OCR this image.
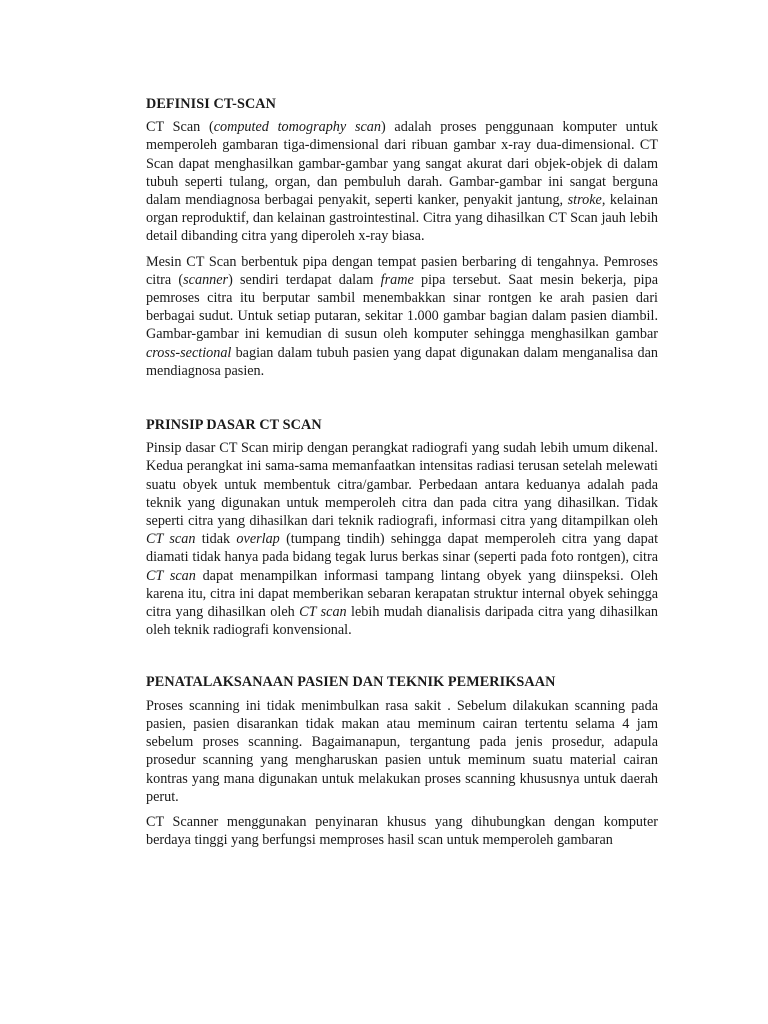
DEFINISI CT-SCAN
CT Scan (computed tomography scan) adalah proses penggunaan komputer untuk memperoleh gambaran tiga-dimensional dari ribuan gambar x-ray dua-dimensional. CT Scan dapat menghasilkan gambar-gambar yang sangat akurat dari objek-objek di dalam tubuh seperti tulang, organ, dan pembuluh darah. Gambar-gambar ini sangat berguna dalam mendiagnosa berbagai penyakit, seperti kanker, penyakit jantung, stroke, kelainan organ reproduktif, dan kelainan gastrointestinal. Citra yang dihasilkan CT Scan jauh lebih detail dibanding citra yang diperoleh x-ray biasa.
Mesin CT Scan berbentuk pipa dengan tempat pasien berbaring di tengahnya. Pemroses citra (scanner) sendiri terdapat dalam frame pipa tersebut. Saat mesin bekerja, pipa pemroses citra itu berputar sambil menembakkan sinar rontgen ke arah pasien dari berbagai sudut. Untuk setiap putaran, sekitar 1.000 gambar bagian dalam pasien diambil. Gambar-gambar ini kemudian di susun oleh komputer sehingga menghasilkan gambar cross-sectional bagian dalam tubuh pasien yang dapat digunakan dalam menganalisa dan mendiagnosa pasien.
PRINSIP DASAR CT SCAN
Pinsip dasar CT Scan mirip dengan perangkat radiografi yang sudah lebih umum dikenal. Kedua perangkat ini sama-sama memanfaatkan intensitas radiasi terusan setelah melewati suatu obyek untuk membentuk citra/gambar. Perbedaan antara keduanya adalah pada teknik yang digunakan untuk memperoleh citra dan pada citra yang dihasilkan. Tidak seperti citra yang dihasilkan dari teknik radiografi, informasi citra yang ditampilkan oleh CT scan tidak overlap (tumpang tindih) sehingga dapat memperoleh citra yang dapat diamati tidak hanya pada bidang tegak lurus berkas sinar (seperti pada foto rontgen), citra CT scan dapat menampilkan informasi tampang lintang obyek yang diinspeksi. Oleh karena itu, citra ini dapat memberikan sebaran kerapatan struktur internal obyek sehingga citra yang dihasilkan oleh CT scan lebih mudah dianalisis daripada citra yang dihasilkan oleh teknik radiografi konvensional.
PENATALAKSANAAN PASIEN DAN TEKNIK PEMERIKSAAN
Proses scanning ini tidak menimbulkan rasa sakit . Sebelum dilakukan scanning pada pasien, pasien disarankan tidak makan atau meminum cairan tertentu selama 4 jam sebelum proses scanning. Bagaimanapun, tergantung pada jenis prosedur, adapula prosedur scanning yang mengharuskan pasien untuk meminum suatu material cairan kontras yang mana digunakan untuk melakukan proses scanning khususnya untuk daerah perut.
CT Scanner menggunakan penyinaran khusus yang dihubungkan dengan komputer berdaya tinggi yang berfungsi memproses hasil scan untuk memperoleh gambaran
